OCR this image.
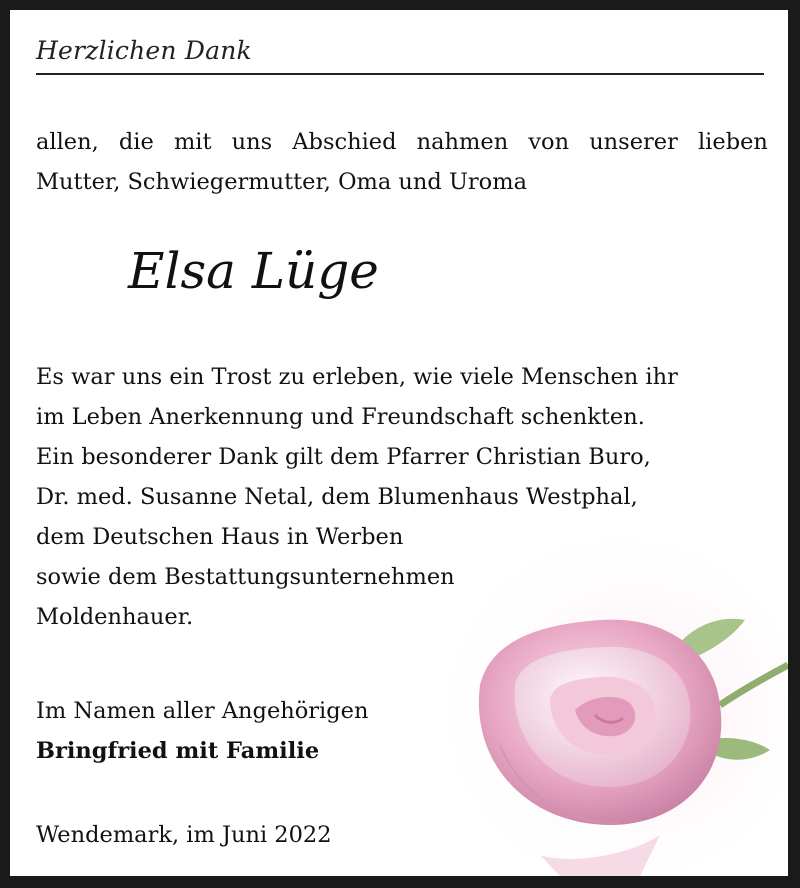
Herzlichen Dank
allen, die mit uns Abschied nahmen von unserer lieben
Mutter, Schwiegermutter, Oma und Uroma
Elsa Lüge
Es war uns ein Trost zu erleben, wie viele Menschen ihr
im Leben Anerkennung und Freundschaft schenkten.
Ein besonderer Dank gilt dem Pfarrer Christian Buro,
Dr. med. Susanne Netal, dem Blumenhaus Westphal,
dem Deutschen Haus in Werben
sowie dem Bestattungsunternehmen
Moldenhauer.
Im Namen aller Angehörigen
Bringfried mit Familie
Wendemark, im Juni 2022
